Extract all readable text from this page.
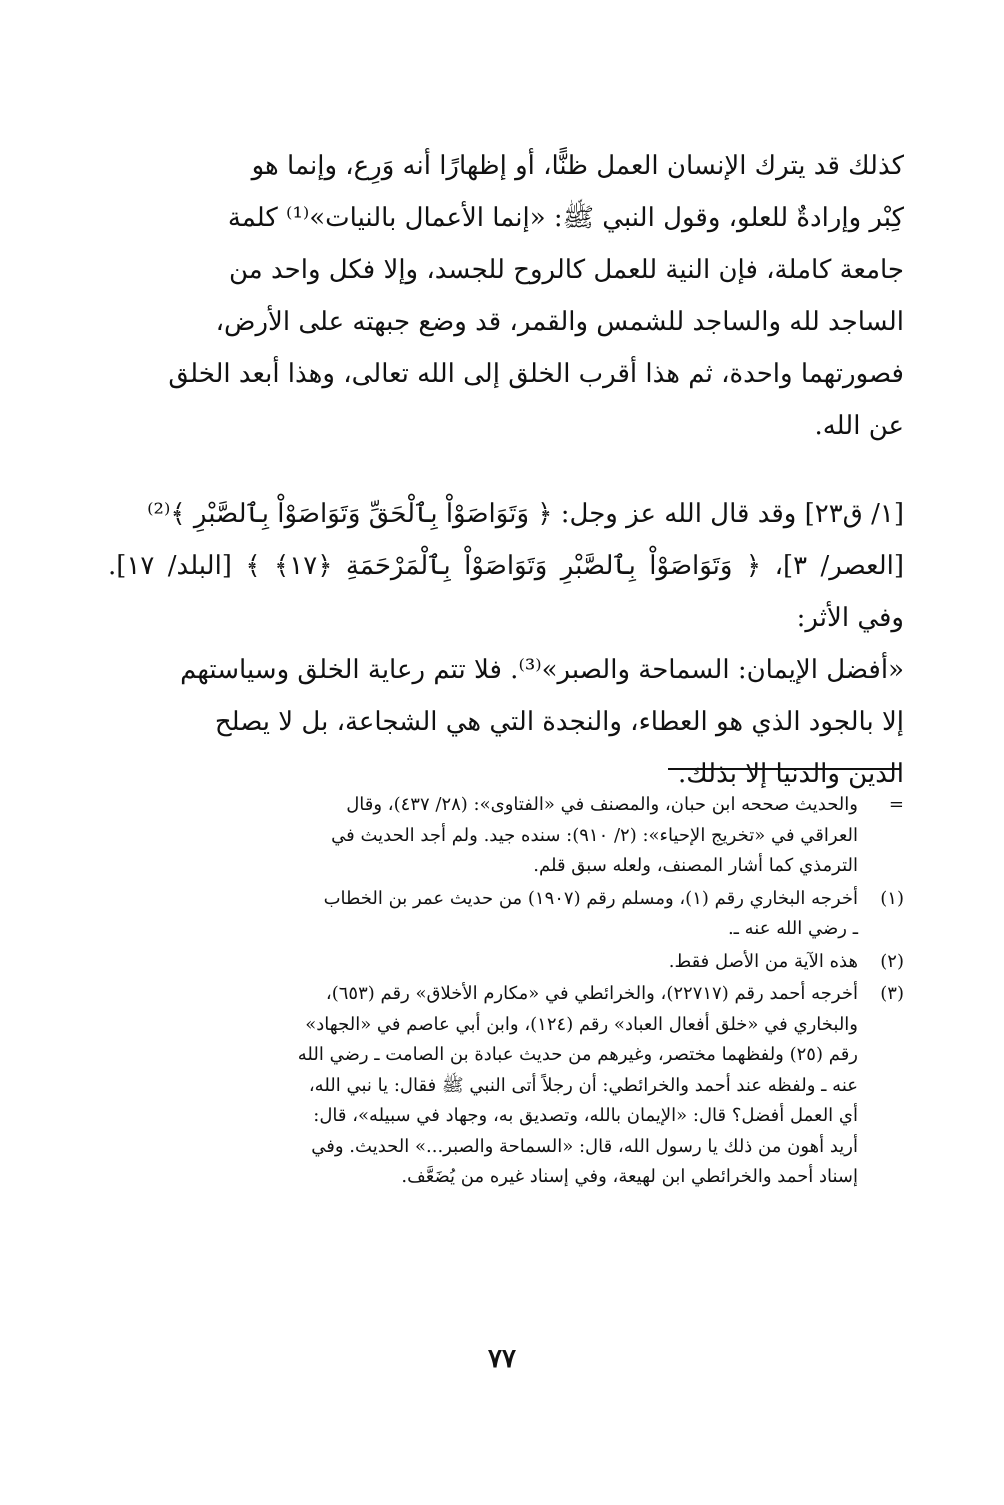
كذلك قد يترك الإنسان العمل ظنًّا، أو إظهارًا أنه وَرِع، وإنما هو
كِبْر وإرادةٌ للعلو، وقول النبي ﷺ: «إنما الأعمال بالنيات»⁽¹⁾ كلمة
جامعة كاملة، فإن النية للعمل كالروح للجسد، وإلا فكل واحد من
الساجد لله والساجد للشمس والقمر، قد وضع جبهته على الأرض،
فصورتهما واحدة، ثم هذا أقرب الخلق إلى الله تعالى، وهذا أبعد الخلق
عن الله.
[١/ ق٢٣] وقد قال الله عز وجل: ﴿ وَتَوَاصَوْاْ بِٱلْحَقِّ وَتَوَاصَوْاْ بِٱلصَّبْرِ ﴾⁽²⁾
[العصر/ ٣]، ﴿ وَتَوَاصَوْاْ بِٱلصَّبْرِ وَتَوَاصَوْاْ بِٱلْمَرْحَمَةِ ﴿١٧﴾ ﴾ [البلد/ ١٧]. وفي الأثر:
«أفضل الإيمان: السماحة والصبر»⁽³⁾. فلا تتم رعاية الخلق وسياستهم
إلا بالجود الذي هو العطاء، والنجدة التي هي الشجاعة، بل لا يصلح
الدين والدنيا إلا بذلك.
=
والحديث صححه ابن حبان، والمصنف في «الفتاوى»: (٢٨/ ٤٣٧)، وقال
العراقي في «تخريج الإحياء»: (٢/ ٩١٠): سنده جيد. ولم أجد الحديث في
الترمذي كما أشار المصنف، ولعله سبق قلم.
(١)
أخرجه البخاري رقم (١)، ومسلم رقم (١٩٠٧) من حديث عمر بن الخطاب
ـ رضي الله عنه ـ.
(٢)
هذه الآية من الأصل فقط.
(٣)
أخرجه أحمد رقم (٢٢٧١٧)، والخرائطي في «مكارم الأخلاق» رقم (٦٥٣)،
والبخاري في «خلق أفعال العباد» رقم (١٢٤)، وابن أبي عاصم في «الجهاد»
رقم (٢٥) ولفظهما مختصر، وغيرهم من حديث عبادة بن الصامت ـ رضي الله
عنه ـ ولفظه عند أحمد والخرائطي: أن رجلاً أتى النبي ﷺ فقال: يا نبي الله،
أي العمل أفضل؟ قال: «الإيمان بالله، وتصديق به، وجهاد في سبيله»، قال:
أريد أهون من ذلك يا رسول الله، قال: «السماحة والصبر...» الحديث. وفي
إسناد أحمد والخرائطي ابن لهيعة، وفي إسناد غيره من يُضَعَّف.
٧٧
